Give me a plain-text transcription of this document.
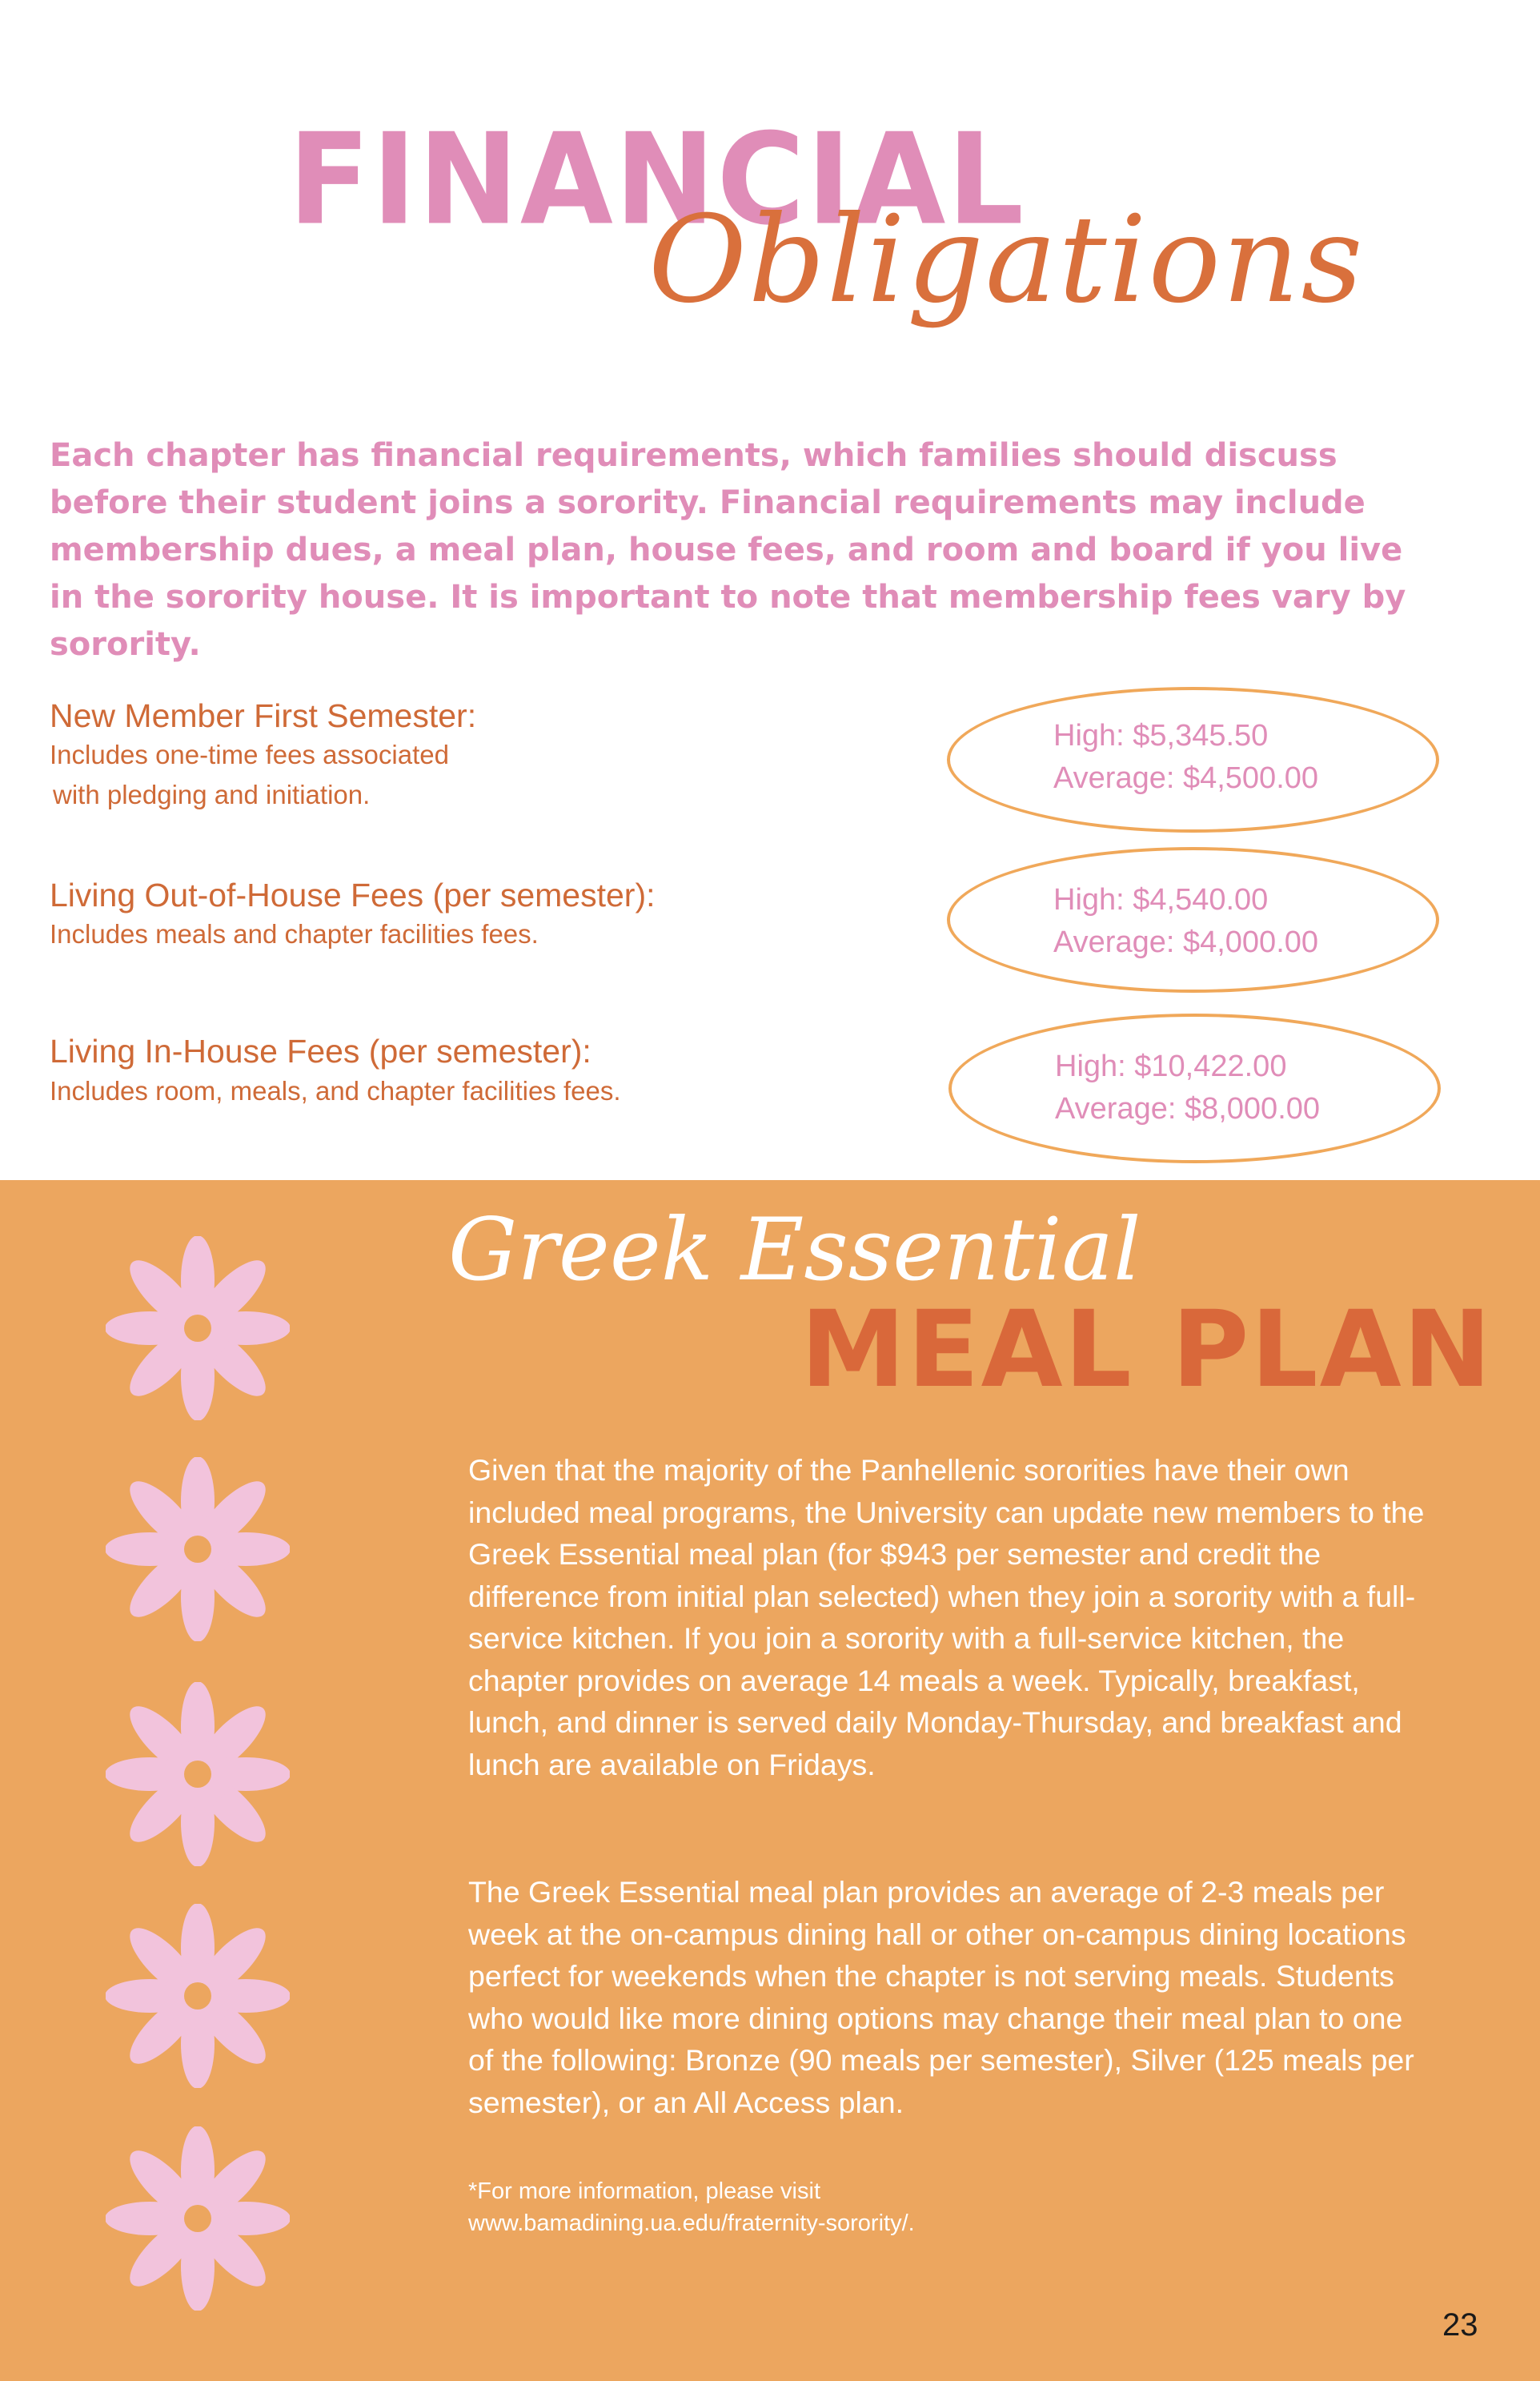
FINANCIAL
Obligations

Each chapter has financial requirements, which families should discuss before their student joins a sorority. Financial requirements may include membership dues, a meal plan, house fees, and room and board if you live in the sorority house. It is important to note that membership fees vary by sorority.

New Member First Semester:
Includes one-time fees associated
with pledging and initiation.
High: $5,345.50
Average: $4,500.00
Living Out-of-House Fees (per semester):
Includes meals and chapter facilities fees.
High: $4,540.00
Average: $4,000.00
Living In-House Fees (per semester):
Includes room, meals, and chapter facilities fees.
High: $10,422.00
Average: $8,000.00
Greek Essential
MEAL PLAN

Given that the majority of the Panhellenic sororities have their own included meal programs, the University can update new members to the Greek Essential meal plan (for $943 per semester and credit the difference from initial plan selected) when they join a sorority with a full-service kitchen. If you join a sorority with a full-service kitchen, the chapter provides on average 14 meals a week. Typically, breakfast, lunch, and dinner is served daily Monday-Thursday, and breakfast and lunch are available on Fridays.

The Greek Essential meal plan provides an average of 2-3 meals per week at the on-campus dining hall or other on-campus dining locations perfect for weekends when the chapter is not serving meals. Students who would like more dining options may change their meal plan to one of the following: Bronze (90 meals per semester), Silver (125 meals per semester), or an All Access plan.

*For more information, please visit
www.bamadining.ua.edu/fraternity-sorority/.
23
